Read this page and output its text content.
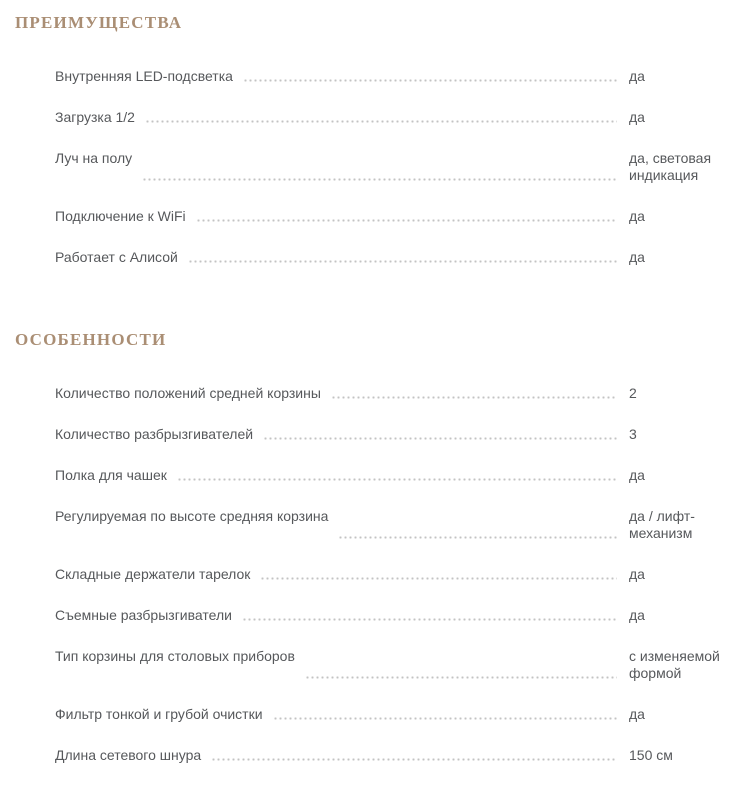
ПРЕИМУЩЕСТВА
Внутренняя LED-подсветка	да
Загрузка 1/2	да
Луч на полу	да, световая индикация
Подключение к WiFi	да
Работает с Алисой	да
ОСОБЕННОСТИ
Количество положений средней корзины	2
Количество разбрызгивателей	3
Полка для чашек	да
Регулируемая по высоте средняя корзина	да / лифт-механизм
Складные держатели тарелок	да
Съемные разбрызгиватели	да
Тип корзины для столовых приборов	с изменяемой формой
Фильтр тонкой и грубой очистки	да
Длина сетевого шнура	150 см
